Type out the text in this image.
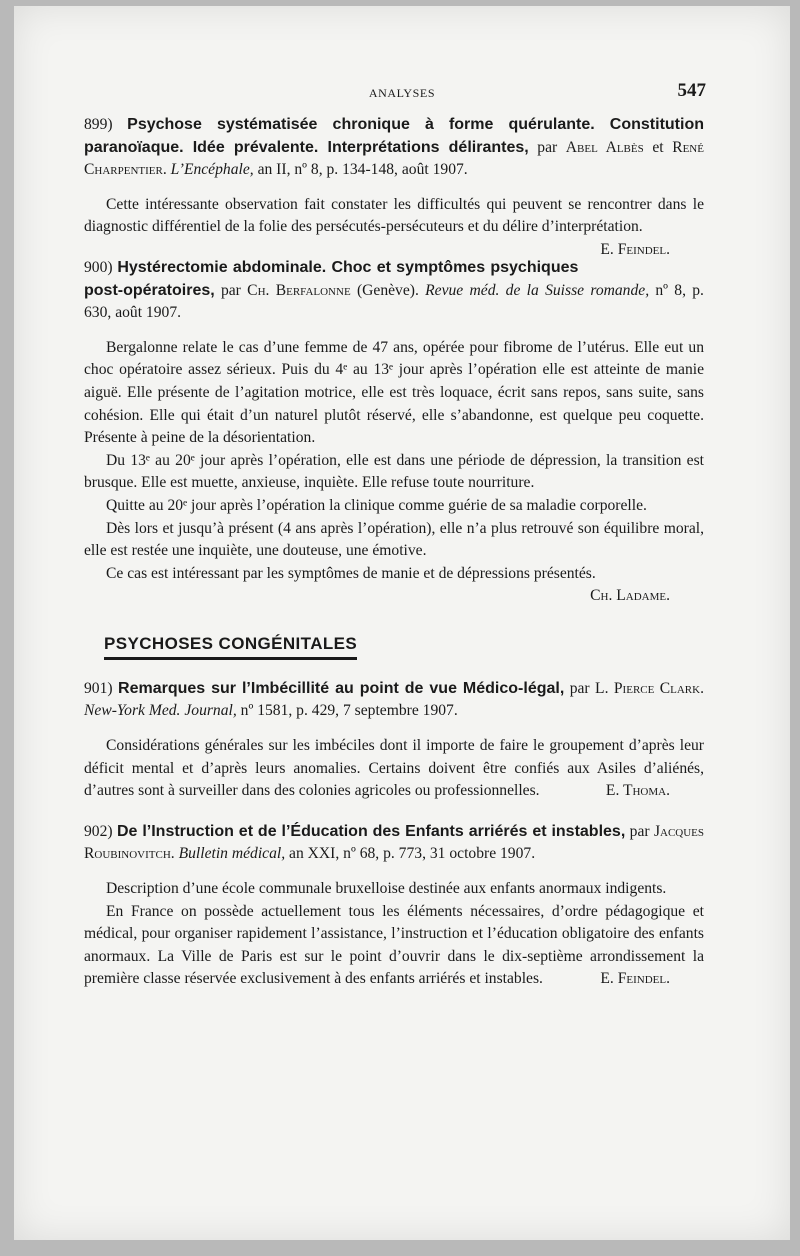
ANALYSES	547

899) Psychose systématisée chronique à forme quérulante. Constitution paranoïaque. Idée prévalente. Interprétations délirantes, par Abel Albès et René Charpentier. L’Encéphale, an II, nº 8, p. 134-148, août 1907.

Cette intéressante observation fait constater les difficultés qui peuvent se rencontrer dans le diagnostic différentiel de la folie des persécutés-persécuteurs et du délire d’interprétation.
E. Feindel.

900) Hystérectomie abdominale. Choc et symptômes psychiques post-opératoires, par Ch. Berfalonne (Genève). Revue méd. de la Suisse romande, nº 8, p. 630, août 1907.

Bergalonne relate le cas d’une femme de 47 ans, opérée pour fibrome de l’utérus. Elle eut un choc opératoire assez sérieux. Puis du 4ᵉ au 13ᵉ jour après l’opération elle est atteinte de manie aiguë. Elle présente de l’agitation motrice, elle est très loquace, écrit sans repos, sans suite, sans cohésion. Elle qui était d’un naturel plutôt réservé, elle s’abandonne, est quelque peu coquette. Présente à peine de la désorientation.

Du 13ᵉ au 20ᵉ jour après l’opération, elle est dans une période de dépression, la transition est brusque. Elle est muette, anxieuse, inquiète. Elle refuse toute nourriture.

Quitte au 20ᵉ jour après l’opération la clinique comme guérie de sa maladie corporelle.

Dès lors et jusqu’à présent (4 ans après l’opération), elle n’a plus retrouvé son équilibre moral, elle est restée une inquiète, une douteuse, une émotive.

Ce cas est intéressant par les symptômes de manie et de dépressions présentés.
Ch. Ladame.

PSYCHOSES CONGÉNITALES

901) Remarques sur l’Imbécillité au point de vue Médico-légal, par L. Pierce Clark. New-York Med. Journal, nº 1581, p. 429, 7 septembre 1907.

Considérations générales sur les imbéciles dont il importe de faire le groupement d’après leur déficit mental et d’après leurs anomalies. Certains doivent être confiés aux Asiles d’aliénés, d’autres sont à surveiller dans des colonies agricoles ou professionnelles.	E. Thoma.

902) De l’Instruction et de l’Éducation des Enfants arriérés et instables, par Jacques Roubinovitch. Bulletin médical, an XXI, nº 68, p. 773, 31 octobre 1907.

Description d’une école communale bruxelloise destinée aux enfants anormaux indigents.

En France on possède actuellement tous les éléments nécessaires, d’ordre pédagogique et médical, pour organiser rapidement l’assistance, l’instruction et l’éducation obligatoire des enfants anormaux. La Ville de Paris est sur le point d’ouvrir dans le dix-septième arrondissement la première classe réservée exclusivement à des enfants arriérés et instables.	E. Feindel.
